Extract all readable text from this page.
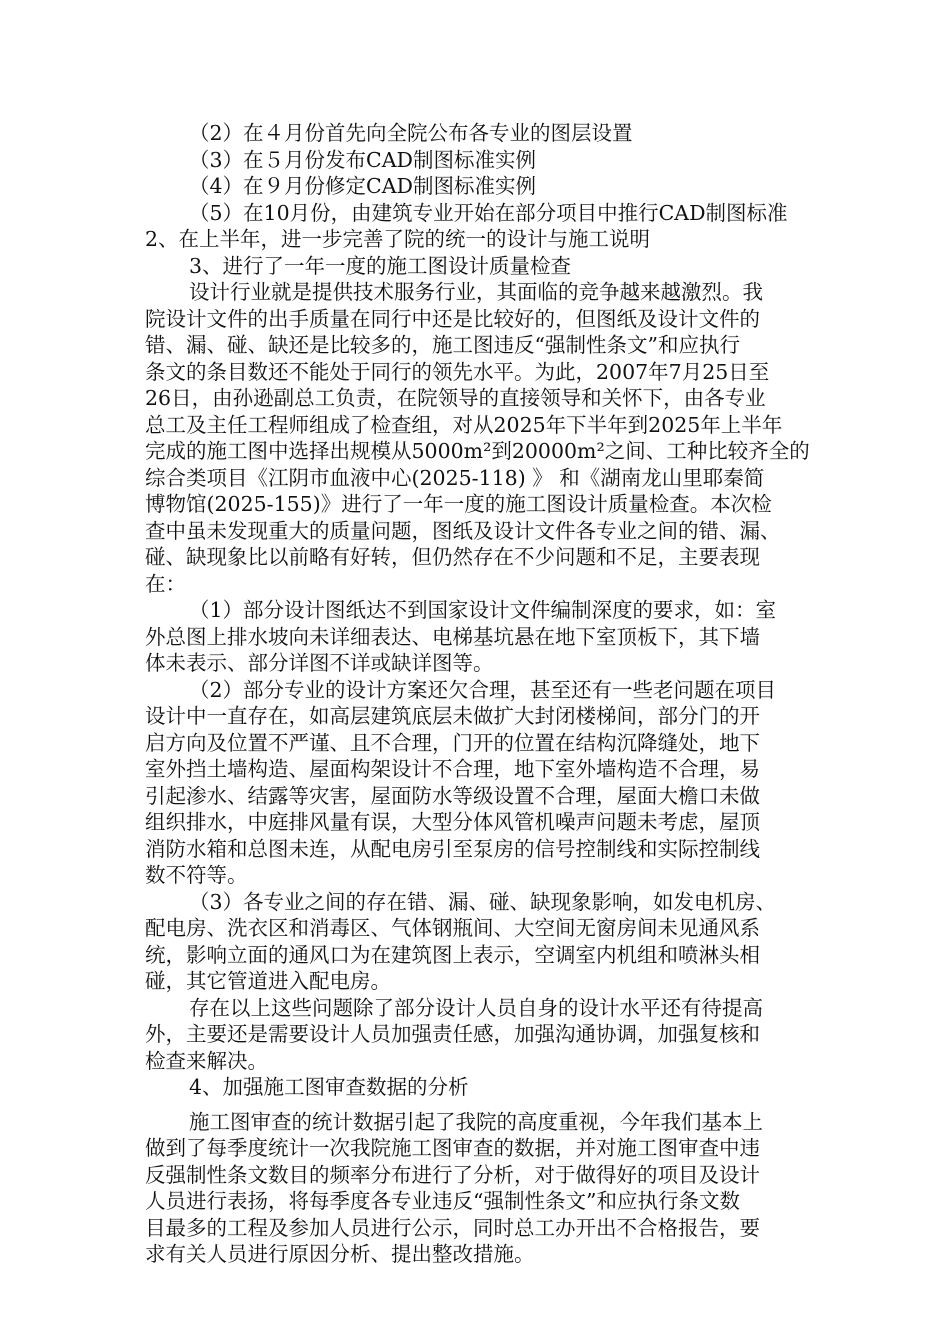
（2）在４月份首先向全院公布各专业的图层设置
（3）在５月份发布CAD制图标准实例
（4）在９月份修定CAD制图标准实例
（5）在10月份，由建筑专业开始在部分项目中推行CAD制图标准
2、在上半年，进一步完善了院的统一的设计与施工说明
3、进行了一年一度的施工图设计质量检查
设计行业就是提供技术服务行业，其面临的竞争越来越激烈。我
院设计文件的出手质量在同行中还是比较好的，但图纸及设计文件的
错、漏、碰、缺还是比较多的，施工图违反“强制性条文”和应执行
条文的条目数还不能处于同行的领先水平。为此，2007年7月25日至
26日，由孙逊副总工负责，在院领导的直接领导和关怀下，由各专业
总工及主任工程师组成了检查组，对从2025年下半年到2025年上半年
完成的施工图中选择出规模从5000m²到20000m²之间、工种比较齐全的
综合类项目《江阴市血液中心(2025-118) 》 和《湖南龙山里耶秦简
博物馆(2025-155)》进行了一年一度的施工图设计质量检查。本次检
查中虽未发现重大的质量问题，图纸及设计文件各专业之间的错、漏、
碰、缺现象比以前略有好转，但仍然存在不少问题和不足，主要表现
在：
（1）部分设计图纸达不到国家设计文件编制深度的要求，如：室
外总图上排水坡向未详细表达、电梯基坑悬在地下室顶板下，其下墙
体未表示、部分详图不详或缺详图等。
（2）部分专业的设计方案还欠合理，甚至还有一些老问题在项目
设计中一直存在，如高层建筑底层未做扩大封闭楼梯间，部分门的开
启方向及位置不严谨、且不合理，门开的位置在结构沉降缝处，地下
室外挡土墙构造、屋面构架设计不合理，地下室外墙构造不合理，易
引起渗水、结露等灾害，屋面防水等级设置不合理，屋面大檐口未做
组织排水，中庭排风量有误，大型分体风管机噪声问题未考虑，屋顶
消防水箱和总图未连，从配电房引至泵房的信号控制线和实际控制线
数不符等。
（3）各专业之间的存在错、漏、碰、缺现象影响，如发电机房、
配电房、洗衣区和消毒区、气体钢瓶间、大空间无窗房间未见通风系
统，影响立面的通风口为在建筑图上表示，空调室内机组和喷淋头相
碰，其它管道进入配电房。
存在以上这些问题除了部分设计人员自身的设计水平还有待提高
外，主要还是需要设计人员加强责任感，加强沟通协调，加强复核和
检查来解决。
4、加强施工图审查数据的分析
施工图审查的统计数据引起了我院的高度重视，今年我们基本上
做到了每季度统计一次我院施工图审查的数据，并对施工图审查中违
反强制性条文数目的频率分布进行了分析，对于做得好的项目及设计
人员进行表扬，将每季度各专业违反“强制性条文”和应执行条文数
目最多的工程及参加人员进行公示，同时总工办开出不合格报告，要
求有关人员进行原因分析、提出整改措施。
